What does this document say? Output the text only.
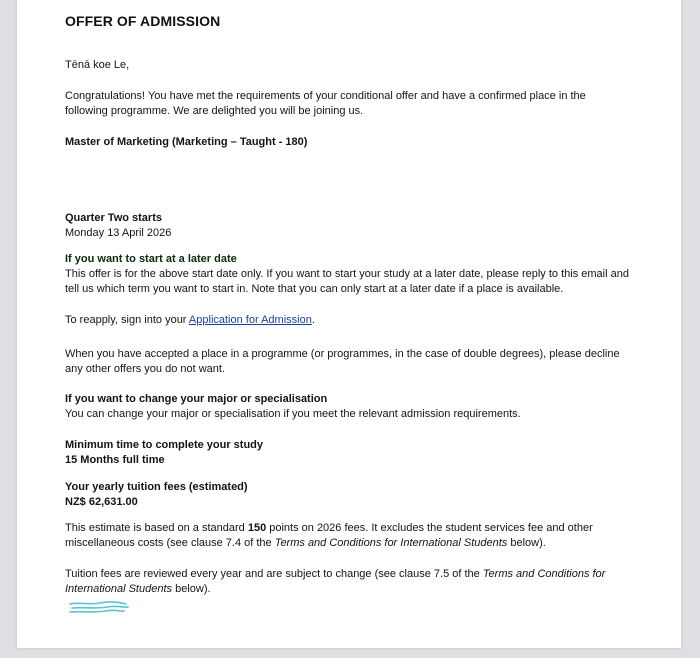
OFFER OF ADMISSION
Tēnā koe Le,
Congratulations! You have met the requirements of your conditional offer and have a confirmed place in the following programme. We are delighted you will be joining us.
Master of Marketing (Marketing – Taught - 180)
Quarter Two starts
Monday 13 April 2026
If you want to start at a later date
This offer is for the above start date only. If you want to start your study at a later date, please reply to this email and tell us which term you want to start in. Note that you can only start at a later date if a place is available.
To reapply, sign into your Application for Admission.
When you have accepted a place in a programme (or programmes, in the case of double degrees), please decline any other offers you do not want.
If you want to change your major or specialisation
You can change your major or specialisation if you meet the relevant admission requirements.
Minimum time to complete your study
15 Months full time
Your yearly tuition fees (estimated)
NZ$ 62,631.00
This estimate is based on a standard 150 points on 2026 fees. It excludes the student services fee and other miscellaneous costs (see clause 7.4 of the Terms and Conditions for International Students below).
Tuition fees are reviewed every year and are subject to change (see clause 7.5 of the Terms and Conditions for International Students below).
